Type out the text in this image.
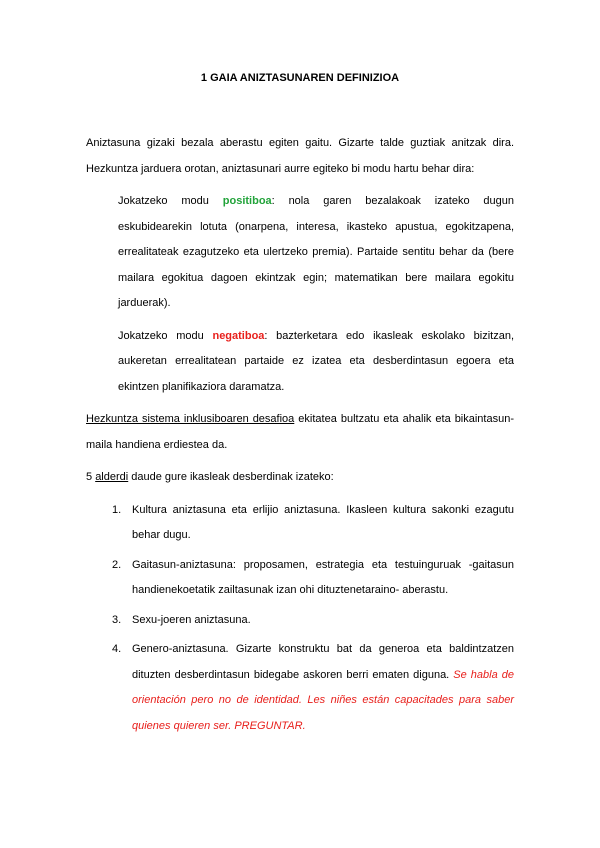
1 GAIA ANIZTASUNAREN DEFINIZIOA

Aniztasuna gizaki bezala aberastu egiten gaitu. Gizarte talde guztiak anitzak dira. Hezkuntza jarduera orotan, aniztasunari aurre egiteko bi modu hartu behar dira:

Jokatzeko modu positiboa: nola garen bezalakoak izateko dugun eskubidearekin lotuta (onarpena, interesa, ikasteko apustua, egokitzapena, errealitateak ezagutzeko eta ulertzeko premia). Partaide sentitu behar da (bere mailara egokitua dagoen ekintzak egin; matematikan bere mailara egokitu jarduerak).

Jokatzeko modu negatiboa: bazterketara edo ikasleak eskolako bizitzan, aukeretan errealitatean partaide ez izatea eta desberdintasun egoera eta ekintzen planifikaziora daramatza.

Hezkuntza sistema inklusiboaren desafioa ekitatea bultzatu eta ahalik eta bikaintasun-maila handiena erdiestea da.

5 alderdi daude gure ikasleak desberdinak izateko:

1. Kultura aniztasuna eta erlijio aniztasuna. Ikasleen kultura sakonki ezagutu behar dugu.
2. Gaitasun-aniztasuna: proposamen, estrategia eta testuinguruak -gaitasun handienekoetatik zailtasunak izan ohi dituztenetaraino- aberastu.
3. Sexu-joeren aniztasuna.
4. Genero-aniztasuna. Gizarte konstruktu bat da generoa eta baldintzatzen dituzten desberdintasun bidegabe askoren berri ematen diguna. Se habla de orientación pero no de identidad. Les niñes están capacitades para saber quienes quieren ser. PREGUNTAR.
